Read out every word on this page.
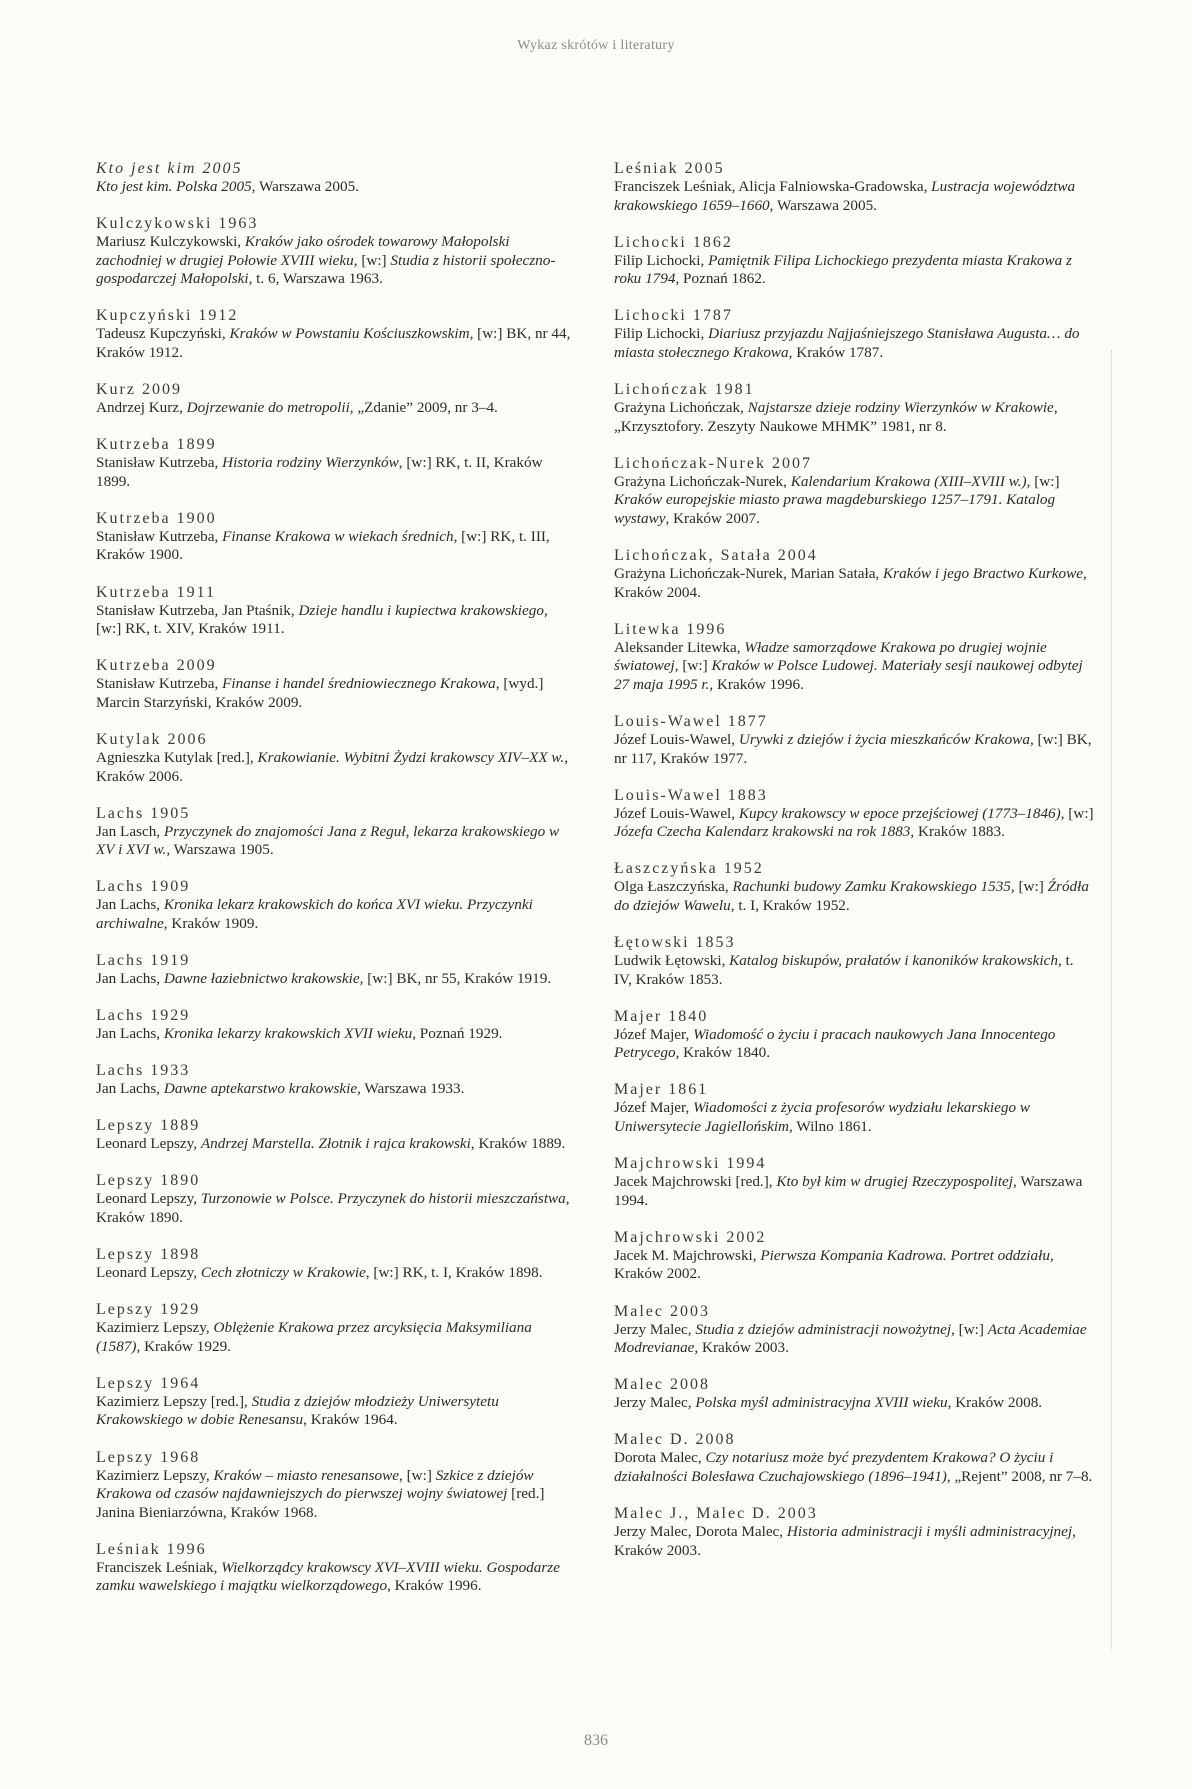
Wykaz skrótów i literatury
Kto jest kim 2005
Kto jest kim. Polska 2005, Warszawa 2005.
Kulczykowski 1963
Mariusz Kulczykowski, Kraków jako ośrodek towarowy Małopolski zachodniej w drugiej Połowie XVIII wieku, [w:] Studia z historii społeczno-gospodarczej Małopolski, t. 6, Warszawa 1963.
Kupczyński 1912
Tadeusz Kupczyński, Kraków w Powstaniu Kościuszkowskim, [w:] BK, nr 44, Kraków 1912.
Kurz 2009
Andrzej Kurz, Dojrzewanie do metropolii, „Zdanie” 2009, nr 3–4.
Kutrzeba 1899
Stanisław Kutrzeba, Historia rodziny Wierzynków, [w:] RK, t. II, Kraków 1899.
Kutrzeba 1900
Stanisław Kutrzeba, Finanse Krakowa w wiekach średnich, [w:] RK, t. III, Kraków 1900.
Kutrzeba 1911
Stanisław Kutrzeba, Jan Ptaśnik, Dzieje handlu i kupiectwa krakowskiego, [w:] RK, t. XIV, Kraków 1911.
Kutrzeba 2009
Stanisław Kutrzeba, Finanse i handel średniowiecznego Krakowa, [wyd.] Marcin Starzyński, Kraków 2009.
Kutylak 2006
Agnieszka Kutylak [red.], Krakowianie. Wybitni Żydzi krakowscy XIV–XX w., Kraków 2006.
Lachs 1905
Jan Lasch, Przyczynek do znajomości Jana z Reguł, lekarza krakowskiego w XV i XVI w., Warszawa 1905.
Lachs 1909
Jan Lachs, Kronika lekarz krakowskich do końca XVI wieku. Przyczynki archiwalne, Kraków 1909.
Lachs 1919
Jan Lachs, Dawne łaziebnictwo krakowskie, [w:] BK, nr 55, Kraków 1919.
Lachs 1929
Jan Lachs, Kronika lekarzy krakowskich XVII wieku, Poznań 1929.
Lachs 1933
Jan Lachs, Dawne aptekarstwo krakowskie, Warszawa 1933.
Lepszy 1889
Leonard Lepszy, Andrzej Marstella. Złotnik i rajca krakowski, Kraków 1889.
Lepszy 1890
Leonard Lepszy, Turzonowie w Polsce. Przyczynek do historii mieszczaństwa, Kraków 1890.
Lepszy 1898
Leonard Lepszy, Cech złotniczy w Krakowie, [w:] RK, t. I, Kraków 1898.
Lepszy 1929
Kazimierz Lepszy, Oblężenie Krakowa przez arcyksięcia Maksymiliana (1587), Kraków 1929.
Lepszy 1964
Kazimierz Lepszy [red.], Studia z dziejów młodzieży Uniwersytetu Krakowskiego w dobie Renesansu, Kraków 1964.
Lepszy 1968
Kazimierz Lepszy, Kraków – miasto renesansowe, [w:] Szkice z dziejów Krakowa od czasów najdawniejszych do pierwszej wojny światowej [red.] Janina Bieniarzówna, Kraków 1968.
Leśniak 1996
Franciszek Leśniak, Wielkorządcy krakowscy XVI–XVIII wieku. Gospodarze zamku wawelskiego i majątku wielkorządowego, Kraków 1996.
Leśniak 2005
Franciszek Leśniak, Alicja Falniowska-Gradowska, Lustracja województwa krakowskiego 1659–1660, Warszawa 2005.
Lichocki 1862
Filip Lichocki, Pamiętnik Filipa Lichockiego prezydenta miasta Krakowa z roku 1794, Poznań 1862.
Lichocki 1787
Filip Lichocki, Diariusz przyjazdu Najjaśniejszego Stanisława Augusta… do miasta stołecznego Krakowa, Kraków 1787.
Lichończak 1981
Grażyna Lichończak, Najstarsze dzieje rodziny Wierzynków w Krakowie, „Krzysztofory. Zeszyty Naukowe MHMK” 1981, nr 8.
Lichończak-Nurek 2007
Grażyna Lichończak-Nurek, Kalendarium Krakowa (XIII–XVIII w.), [w:] Kraków europejskie miasto prawa magdeburskiego 1257–1791. Katalog wystawy, Kraków 2007.
Lichończak, Satała 2004
Grażyna Lichończak-Nurek, Marian Satała, Kraków i jego Bractwo Kurkowe, Kraków 2004.
Litewka 1996
Aleksander Litewka, Władze samorządowe Krakowa po drugiej wojnie światowej, [w:] Kraków w Polsce Ludowej. Materiały sesji naukowej odbytej 27 maja 1995 r., Kraków 1996.
Louis-Wawel 1877
Józef Louis-Wawel, Urywki z dziejów i życia mieszkańców Krakowa, [w:] BK, nr 117, Kraków 1977.
Louis-Wawel 1883
Józef Louis-Wawel, Kupcy krakowscy w epoce przejściowej (1773–1846), [w:] Józefa Czecha Kalendarz krakowski na rok 1883, Kraków 1883.
Łaszczyńska 1952
Olga Łaszczyńska, Rachunki budowy Zamku Krakowskiego 1535, [w:] Źródła do dziejów Wawelu, t. I, Kraków 1952.
Łętowski 1853
Ludwik Łętowski, Katalog biskupów, prałatów i kanoników krakowskich, t. IV, Kraków 1853.
Majer 1840
Józef Majer, Wiadomość o życiu i pracach naukowych Jana Innocentego Petrycego, Kraków 1840.
Majer 1861
Józef Majer, Wiadomości z życia profesorów wydziału lekarskiego w Uniwersytecie Jagiellońskim, Wilno 1861.
Majchrowski 1994
Jacek Majchrowski [red.], Kto był kim w drugiej Rzeczypospolitej, Warszawa 1994.
Majchrowski 2002
Jacek M. Majchrowski, Pierwsza Kompania Kadrowa. Portret oddziału, Kraków 2002.
Malec 2003
Jerzy Malec, Studia z dziejów administracji nowożytnej, [w:] Acta Academiae Modrevianae, Kraków 2003.
Malec 2008
Jerzy Malec, Polska myśl administracyjna XVIII wieku, Kraków 2008.
Malec D. 2008
Dorota Malec, Czy notariusz może być prezydentem Krakowa? O życiu i działalności Bolesława Czuchajowskiego (1896–1941), „Rejent” 2008, nr 7–8.
Malec J., Malec D. 2003
Jerzy Malec, Dorota Malec, Historia administracji i myśli administracyjnej, Kraków 2003.
836
